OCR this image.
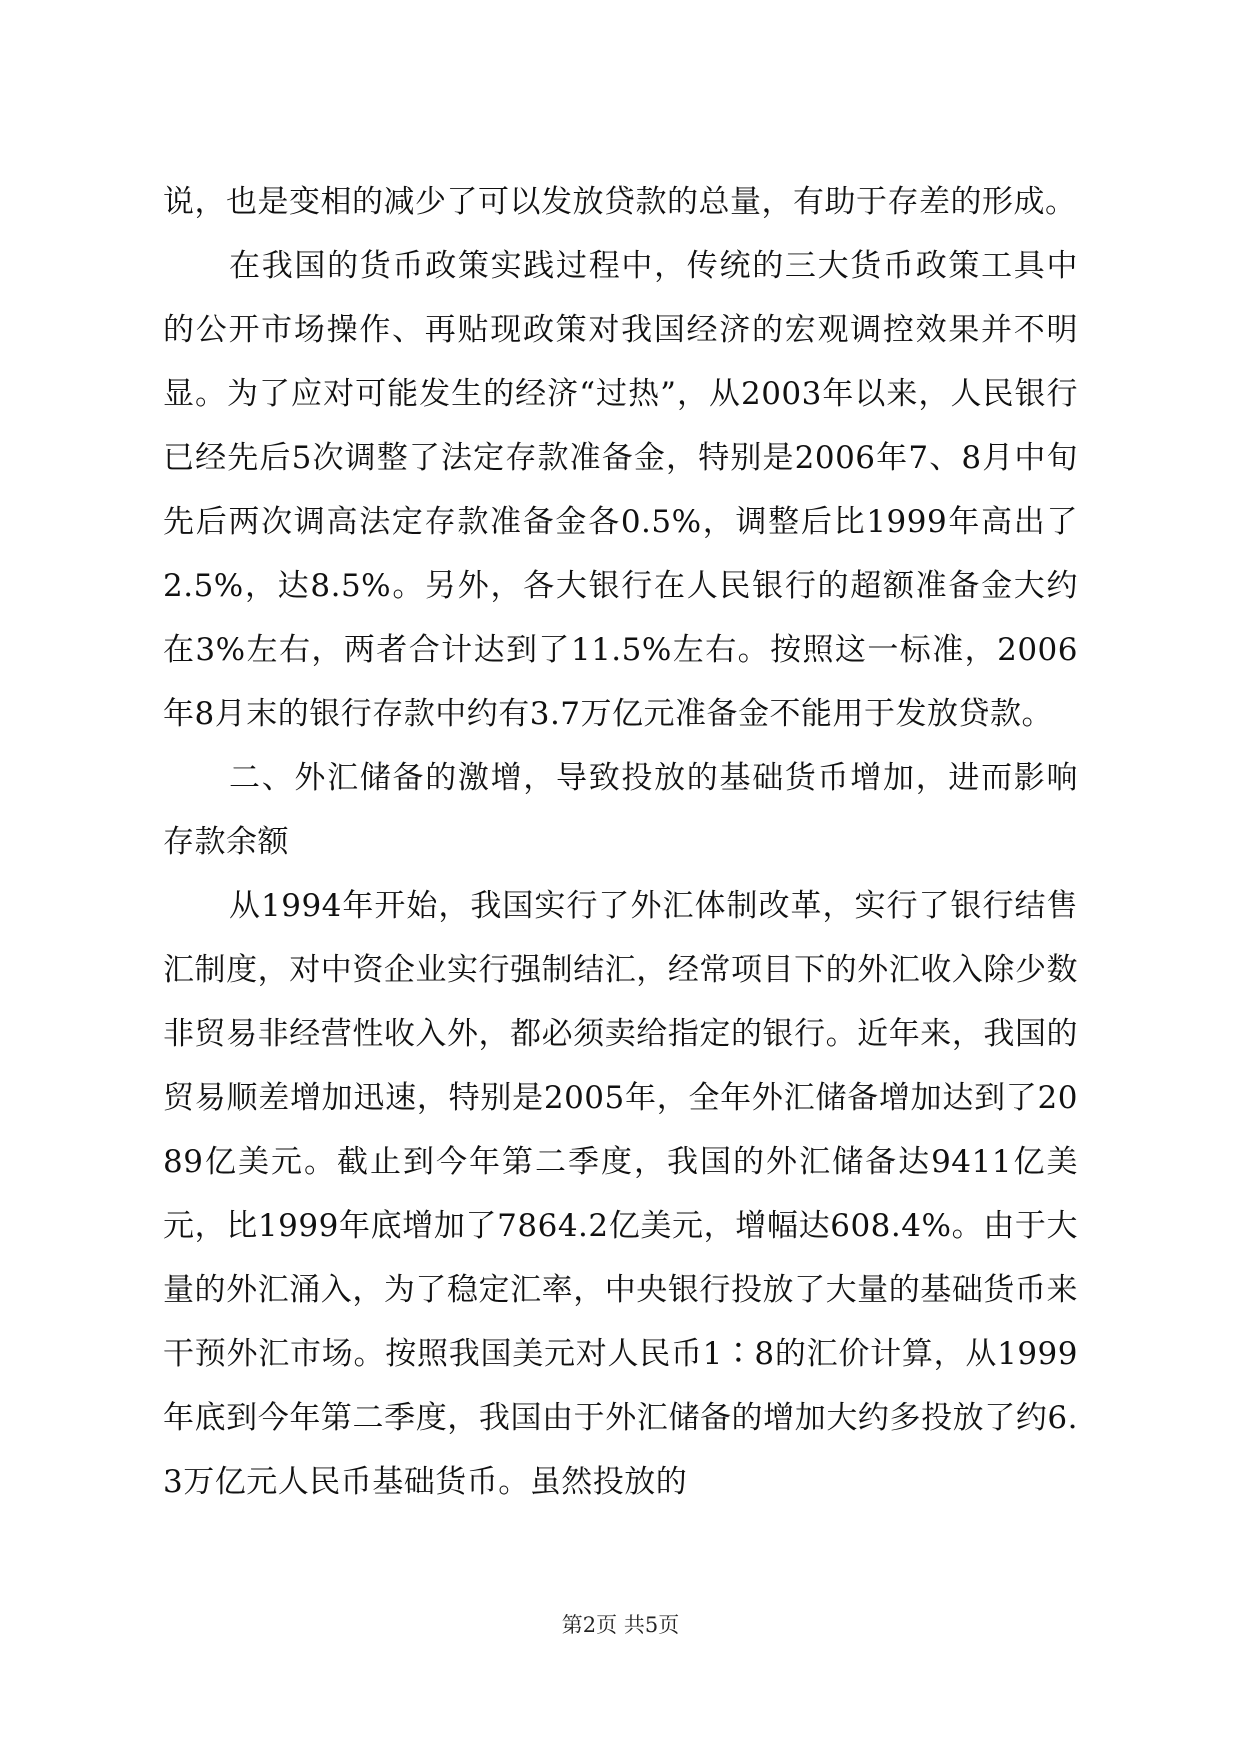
说，也是变相的减少了可以发放贷款的总量，有助于存差的形成。

在我国的货币政策实践过程中，传统的三大货币政策工具中的公开市场操作、再贴现政策对我国经济的宏观调控效果并不明显。为了应对可能发生的经济“过热”，从2003年以来，人民银行已经先后5次调整了法定存款准备金，特别是2006年7、8月中旬先后两次调高法定存款准备金各0.5%，调整后比1999年高出了2.5%，达8.5%。另外，各大银行在人民银行的超额准备金大约在3%左右，两者合计达到了11.5%左右。按照这一标准，2006年8月末的银行存款中约有3.7万亿元准备金不能用于发放贷款。

二、外汇储备的激增，导致投放的基础货币增加，进而影响存款余额

从1994年开始，我国实行了外汇体制改革，实行了银行结售汇制度，对中资企业实行强制结汇，经常项目下的外汇收入除少数非贸易非经营性收入外，都必须卖给指定的银行。近年来，我国的贸易顺差增加迅速，特别是2005年，全年外汇储备增加达到了2089亿美元。截止到今年第二季度，我国的外汇储备达9411亿美元，比1999年底增加了7864.2亿美元，增幅达608.4%。由于大量的外汇涌入，为了稳定汇率，中央银行投放了大量的基础货币来干预外汇市场。按照我国美元对人民币1∶8的汇价计算，从1999年底到今年第二季度，我国由于外汇储备的增加大约多投放了约6.3万亿元人民币基础货币。虽然投放的

第2页 共5页
